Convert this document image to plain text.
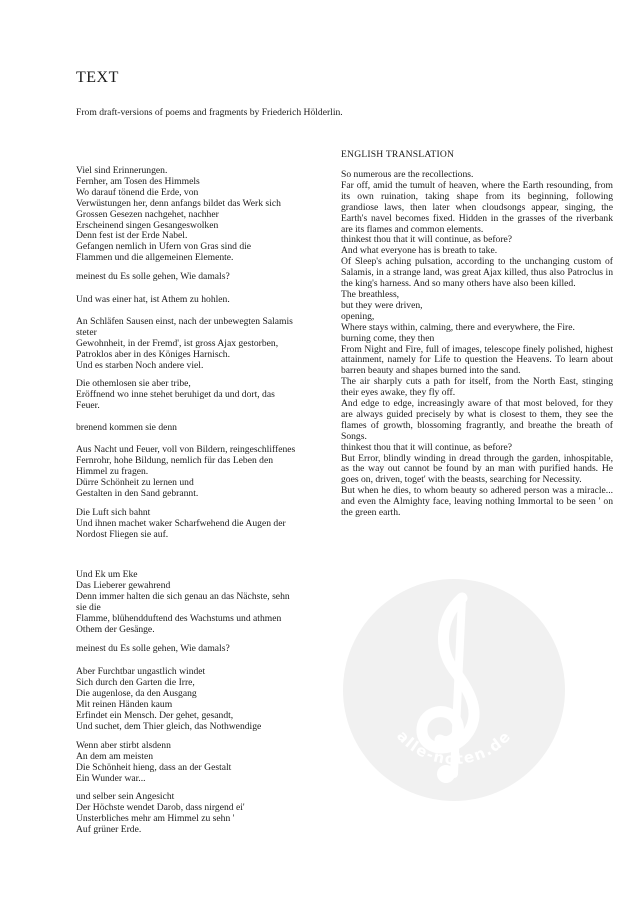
TEXT
From draft-versions of poems and fragments by Friederich Hölderlin.
Viel sind Erinnerungen.
Fernher, am Tosen des Himmels
Wo darauf tönend die Erde, von
Verwüstungen her, denn anfangs bildet das Werk sich
Grossen Gesezen nachgehet, nachher
Erscheinend singen Gesangeswolken
Denn fest ist der Erde Nabel.
Gefangen nemlich in Ufern von Gras sind die
Flammen und die allgemeinen Elemente.
meinest du Es solle gehen, Wie damals?
Und was einer hat, ist Athem zu hohlen.
An Schläfen Sausen einst, nach der unbewegten Salamis
steter
Gewohnheit, in der Fremd', ist gross Ajax gestorben,
Patroklos aber in des Königes Harnisch.
Und es starben Noch andere viel.
Die othemlosen sie aber tribe,
Eröffnend wo inne stehet beruhiget da und dort, das
Feuer.
brenend kommen sie denn
Aus Nacht und Feuer, voll von Bildern, reingeschliffenes
Fernrohr, hohe Bildung, nemlich für das Leben den
Himmel zu fragen.
Dürre Schönheit zu lernen und
Gestalten in den Sand gebrannt.
Die Luft sich bahnt
Und ihnen machet waker Scharfwehend die Augen der
Nordost Fliegen sie auf.
Und Ek um Eke
Das Lieberer gewahrend
Denn immer halten die sich genau an das Nächste, sehn
sie die
Flamme, blühendduftend des Wachstums und athmen
Othem der Gesänge.
meinest du Es solle gehen, Wie damals?
Aber Furchtbar ungastlich windet
Sich durch den Garten die Irre,
Die augenlose, da den Ausgang
Mit reinen Händen kaum
Erfindet ein Mensch. Der gehet, gesandt,
Und suchet, dem Thier gleich, das Nothwendige
Wenn aber stirbt alsdenn
An dem am meisten
Die Schönheit hieng, dass an der Gestalt
Ein Wunder war...
und selber sein Angesicht
Der Höchste wendet Darob, dass nirgend ei'
Unsterbliches mehr am Himmel zu sehn '
Auf grüner Erde.
ENGLISH TRANSLATION
So numerous are the recollections.
Far off, amid the tumult of heaven, where the Earth resounding, from its own ruination, taking shape from its beginning, following grandiose laws, then later when cloudsongs appear, singing, the Earth's navel becomes fixed. Hidden in the grasses of the riverbank are its flames and common elements.
thinkest thou that it will continue, as before?
And what everyone has is breath to take.
Of Sleep's aching pulsation, according to the unchanging custom of Salamis, in a strange land, was great Ajax killed, thus also Patroclus in the king's harness. And so many others have also been killed.
The breathless,
but they were driven,
opening,
Where stays within, calming, there and everywhere, the Fire.
burning come, they then
From Night and Fire, full of images, telescope finely polished, highest attainment, namely for Life to question the Heavens. To learn about barren beauty and shapes burned into the sand.
The air sharply cuts a path for itself, from the North East, stinging their eyes awake, they fly off.
And edge to edge, increasingly aware of that most beloved, for they are always guided precisely by what is closest to them, they see the flames of growth, blossoming fragrantly, and breathe the breath of Songs.
thinkest thou that it will continue, as before?
But Error, blindly winding in dread through the garden, inhospitable, as the way out cannot be found by an man with purified hands. He goes on, driven, toget' with the beasts, searching for Necessity.
But when he dies, to whom beauty so adhered person was a miracle... and even the Almighty face, leaving nothing Immortal to be seen ' on the green earth.
alle-noten.de
